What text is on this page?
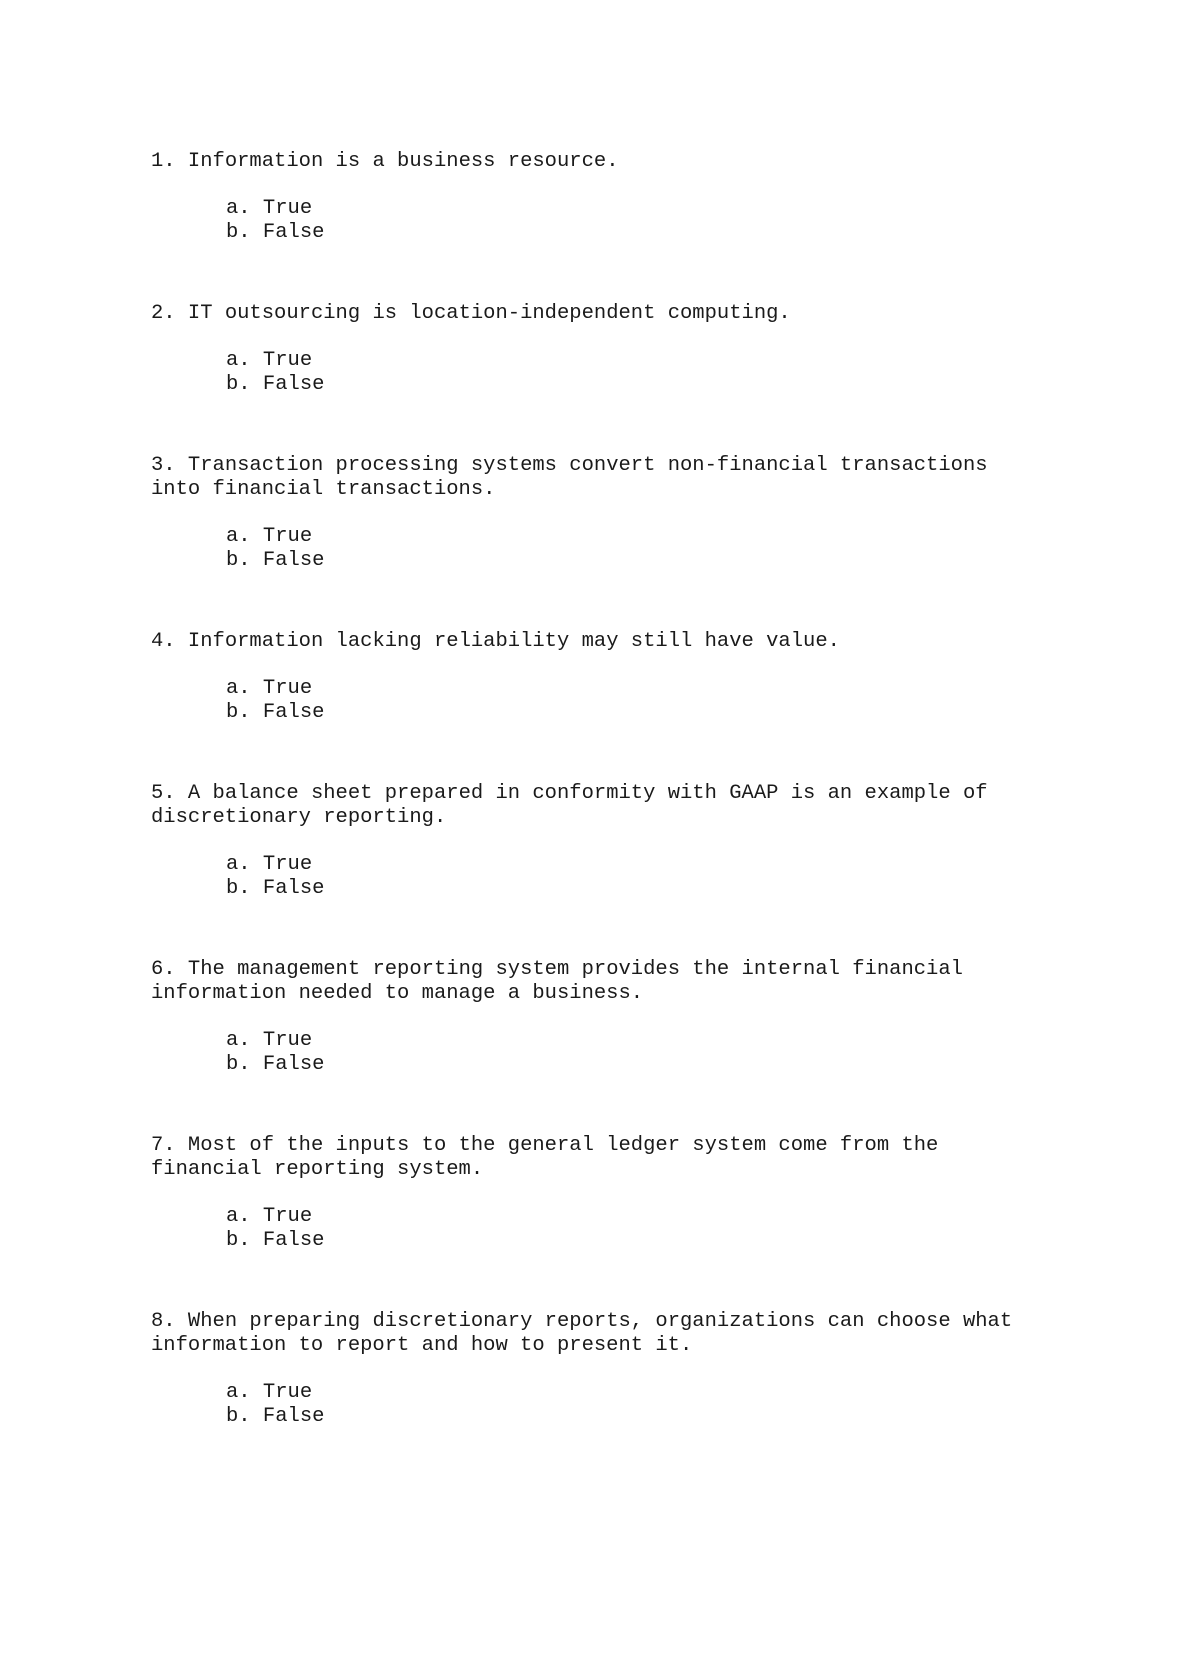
1. Information is a business resource.

a. True
b. False

2. IT outsourcing is location-independent computing.

a. True
b. False

3. Transaction processing systems convert non-financial transactions
into financial transactions.

a. True
b. False

4. Information lacking reliability may still have value.

a. True
b. False

5. A balance sheet prepared in conformity with GAAP is an example of
discretionary reporting.

a. True
b. False

6. The management reporting system provides the internal financial
information needed to manage a business.

a. True
b. False

7. Most of the inputs to the general ledger system come from the
financial reporting system.

a. True
b. False

8. When preparing discretionary reports, organizations can choose what
information to report and how to present it.

a. True
b. False
